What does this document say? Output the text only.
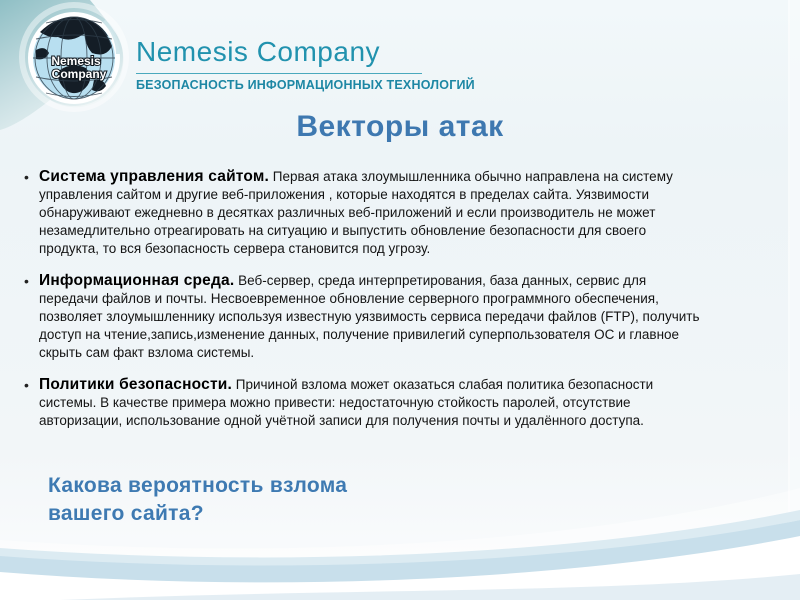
Nemesis
Company
Nemesis Company
БЕЗОПАСНОСТЬ ИНФОРМАЦИОННЫХ ТЕХНОЛОГИЙ
Векторы атак
• Система управления сайтом. Первая атака злоумышленника обычно направлена на систему управления сайтом и другие веб-приложения , которые находятся в пределах сайта. Уязвимости обнаруживают ежедневно в десятках различных веб-приложений и если производитель не может незамедлительно отреагировать на ситуацию и выпустить обновление безопасности для своего продукта, то вся безопасность сервера становится под угрозу.
• Информационная среда. Веб-сервер, среда интерпретирования, база данных, сервис для передачи файлов и почты. Несвоевременное обновление серверного программного обеспечения, позволяет злоумышленнику используя известную уязвимость сервиса передачи файлов (FTP), получить доступ на чтение,запись,изменение данных, получение привилегий суперпользователя ОС и главное скрыть сам факт взлома системы.
• Политики безопасности. Причиной взлома может оказаться слабая политика безопасности системы. В качестве примера можно привести: недостаточную стойкость паролей, отсутствие авторизации, использование одной учётной записи для получения почты и удалённого доступа.
Какова вероятность взлома вашего сайта?
